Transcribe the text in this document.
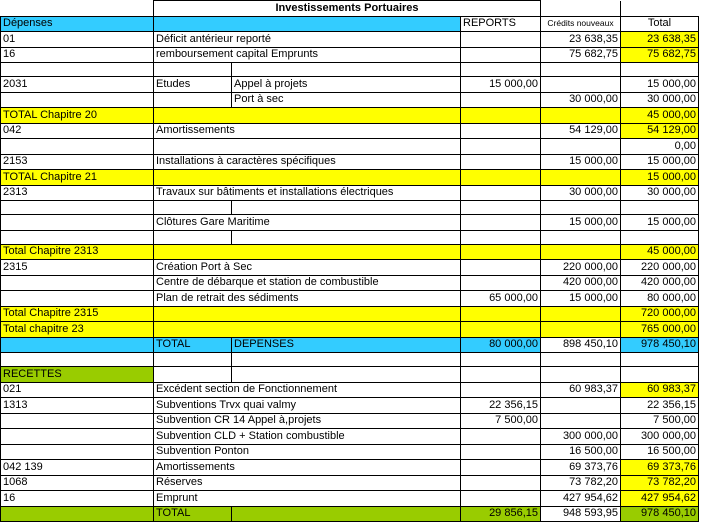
	Investissements Portuaires				
Dépenses			REPORTS	Crédits nouveaux	Total
01	Déficit antérieur reporté			23 638,35	23 638,35
16	remboursement capital Emprunts			75 682,75	75 682,75

2031	Etudes	Appel à projets	15 000,00		15 000,00
		Port à sec		30 000,00	30 000,00
TOTAL Chapitre 20					45 000,00
042	Amortissements			54 129,00	54 129,00
					0,00
2153	Installations à caractères spécifiques			15 000,00	15 000,00
TOTAL Chapitre 21					15 000,00
2313	Travaux sur bâtiments et installations électriques			30 000,00	30 000,00

	Clôtures Gare Maritime			15 000,00	15 000,00

Total Chapitre 2313					45 000,00
2315	Création Port à Sec			220 000,00	220 000,00
	Centre de débarque et station de combustible			420 000,00	420 000,00
	Plan de retrait des sédiments		65 000,00	15 000,00	80 000,00
Total Chapitre 2315					720 000,00
Total chapitre 23					765 000,00
	TOTAL	DEPENSES	80 000,00	898 450,10	978 450,10

RECETTES					
021	Excédent section de Fonctionnement			60 983,37	60 983,37
1313	Subventions Trvx quai valmy		22 356,15		22 356,15
	Subvention CR 14 Appel à,projets		7 500,00		7 500,00
	Subvention CLD + Station combustible			300 000,00	300 000,00
	Subvention Ponton			16 500,00	16 500,00
042 139	Amortissements			69 373,76	69 373,76
1068	Réserves			73 782,20	73 782,20
16	Emprunt			427 954,62	427 954,62
	TOTAL		29 856,15	948 593,95	978 450,10
